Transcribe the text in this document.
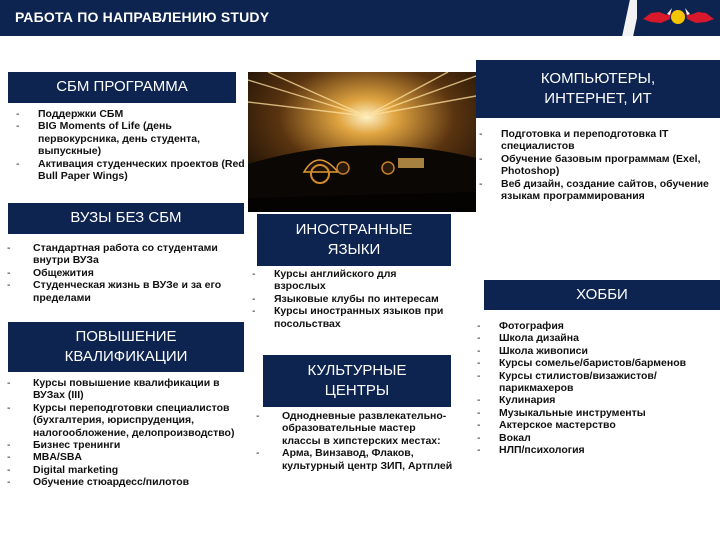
РАБОТА ПО НАПРАВЛЕНИЮ STUDY
СБМ ПРОГРАММА
- Поддержки СБМ
- BIG Moments of Life (день первокурсника, день студента, выпускные)
- Активация студенческих проектов (Red Bull Paper Wings)
ВУЗЫ БЕЗ СБМ
- Стандартная работа со студентами внутри ВУЗа
- Общежития
- Студенческая жизнь в ВУЗе и за его пределами
ПОВЫШЕНИЕ
КВАЛИФИКАЦИИ
- Курсы повышение квалификации в ВУЗах (III)
- Курсы переподготовки специалистов (бухгалтерия, юриспруденция, налогообложение, делопроизводство)
- Бизнес тренинги
- MBA/SBA
- Digital marketing
- Обучение стюардесс/пилотов
ИНОСТРАННЫЕ
ЯЗЫКИ
- Курсы английского для взрослых
- Языковые клубы по интересам
- Курсы иностранных языков при посольствах
КУЛЬТУРНЫЕ
ЦЕНТРЫ
- Однодневные развлекательно-образовательные мастер классы в хипстерских местах:
- Арма, Винзавод, Флаков, культурный центр ЗИП, Артплей
КОМПЬЮТЕРЫ,
ИНТЕРНЕТ, ИТ
- Подготовка и переподготовка IT специалистов
- Обучение базовым программам (Exel, Photoshop)
- Веб дизайн, создание сайтов, обучение языкам программирования
ХОББИ
- Фотография
- Школа дизайна
- Школа живописи
- Курсы сомелье/баристов/барменов
- Курсы стилистов/визажистов/парикмахеров
- Кулинария
- Музыкальные инструменты
- Актерское мастерство
- Вокал
- НЛП/психология
